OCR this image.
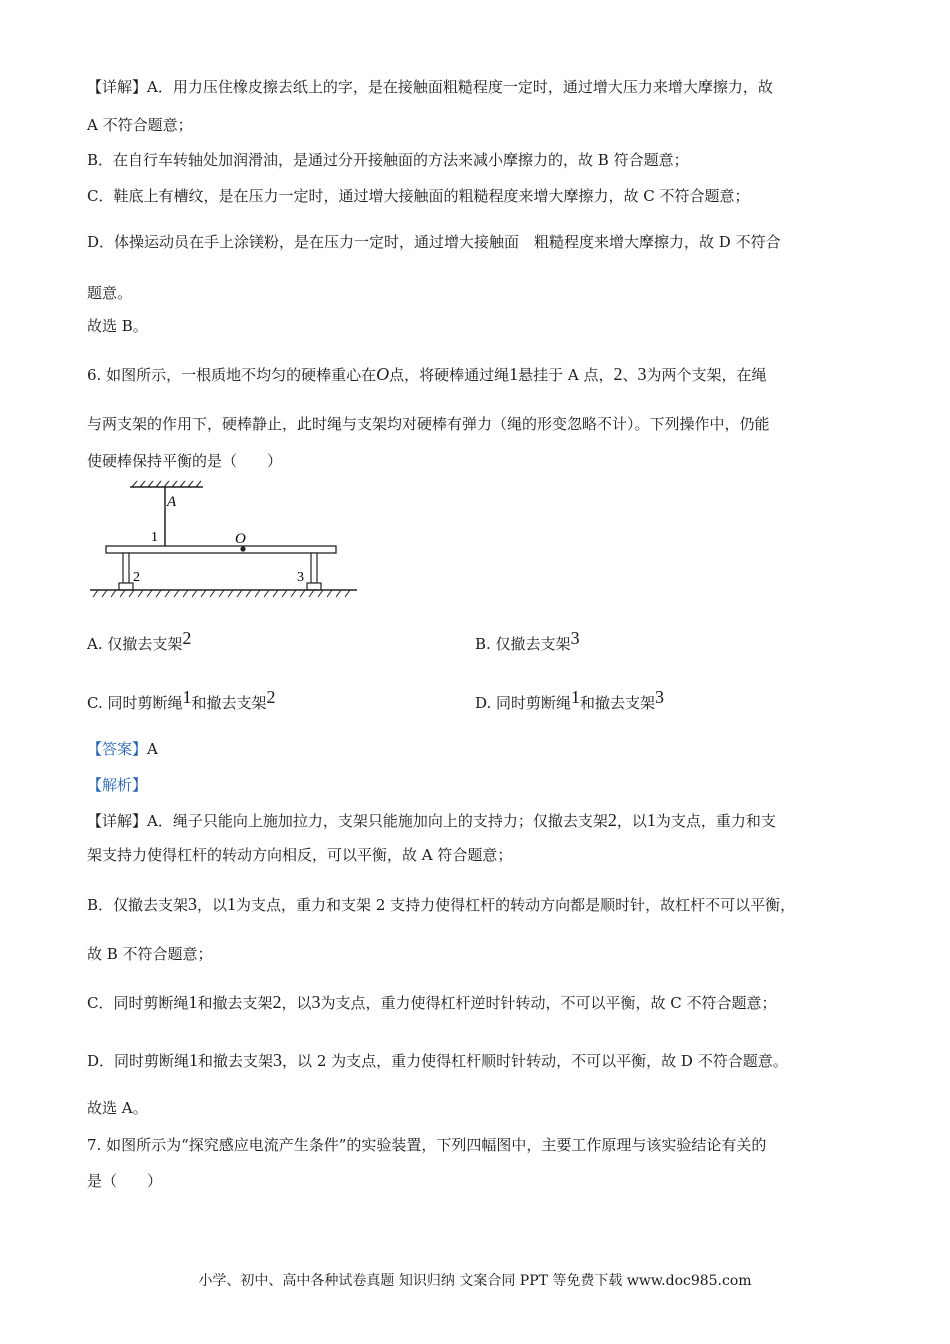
【详解】A．用力压住橡皮擦去纸上的字，是在接触面粗糙程度一定时，通过增大压力来增大摩擦力，故
A 不符合题意；
B．在自行车转轴处加润滑油，是通过分开接触面的方法来减小摩擦力的，故 B 符合题意；
C．鞋底上有槽纹，是在压力一定时，通过增大接触面的粗糙程度来增大摩擦力，故 C 不符合题意；
D．体操运动员在手上涂镁粉，是在压力一定时，通过增大接触面　粗糙程度来增大摩擦力，故 D 不符合
题意。
故选 B。
6. 如图所示，一根质地不均匀的硬棒重心在O点，将硬棒通过绳1悬挂于 A 点，2、3为两个支架，在绳
与两支架的作用下，硬棒静止，此时绳与支架均对硬棒有弹力（绳的形变忽略不计）。下列操作中，仍能
使硬棒保持平衡的是（　　）
A
1	O
2	3
A. 仅撤去支架2	B. 仅撤去支架3
C. 同时剪断绳1和撤去支架2	D. 同时剪断绳1和撤去支架3
【答案】A
【解析】
【详解】A．绳子只能向上施加拉力，支架只能施加向上的支持力；仅撤去支架2，以1为支点，重力和支
架支持力使得杠杆的转动方向相反，可以平衡，故 A 符合题意；
B．仅撤去支架3，以1为支点，重力和支架 2 支持力使得杠杆的转动方向都是顺时针，故杠杆不可以平衡，
故 B 不符合题意；
C．同时剪断绳1和撤去支架2，以3为支点，重力使得杠杆逆时针转动，不可以平衡，故 C 不符合题意；
D．同时剪断绳1和撤去支架3，以 2 为支点，重力使得杠杆顺时针转动，不可以平衡，故 D 不符合题意。
故选 A。
7. 如图所示为“探究感应电流产生条件”的实验装置，下列四幅图中，主要工作原理与该实验结论有关的
是（　　）
小学、初中、高中各种试卷真题 知识归纳 文案合同 PPT 等免费下载 www.doc985.com
